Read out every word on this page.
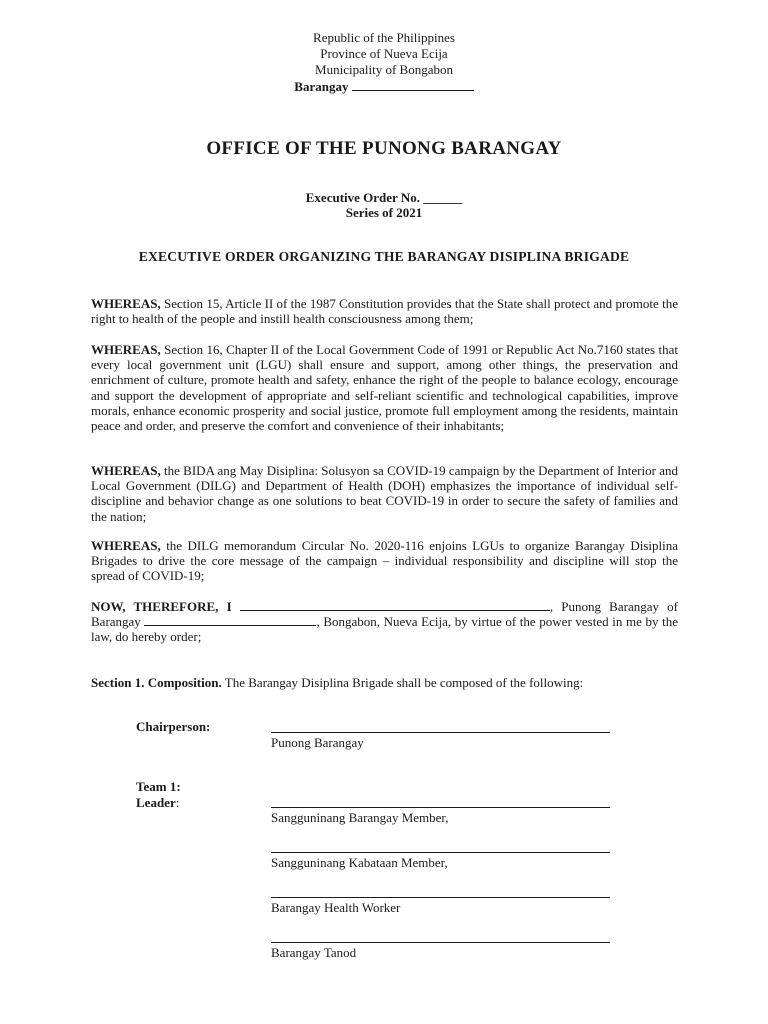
Republic of the Philippines
Province of Nueva Ecija
Municipality of Bongabon
Barangay
OFFICE OF THE PUNONG BARANGAY
Executive Order No. ______
Series of 2021
EXECUTIVE ORDER ORGANIZING THE BARANGAY DISIPLINA BRIGADE
WHEREAS, Section 15, Article II of the 1987 Constitution provides that the State shall protect and promote the right to health of the people and instill health consciousness among them;
WHEREAS, Section 16, Chapter II of the Local Government Code of 1991 or Republic Act No.7160 states that every local government unit (LGU) shall ensure and support, among other things, the preservation and enrichment of culture, promote health and safety, enhance the right of the people to balance ecology, encourage and support the development of appropriate and self-reliant scientific and technological capabilities, improve morals, enhance economic prosperity and social justice, promote full employment among the residents, maintain peace and order, and preserve the comfort and convenience of their inhabitants;
WHEREAS, the BIDA ang May Disiplina: Solusyon sa COVID-19 campaign by the Department of Interior and Local Government (DILG) and Department of Health (DOH) emphasizes the importance of individual self- discipline and behavior change as one solutions to beat COVID-19 in order to secure the safety of families and the nation;
WHEREAS, the DILG memorandum Circular No. 2020-116 enjoins LGUs to organize Barangay Disiplina Brigades to drive the core message of the campaign – individual responsibility and discipline will stop the spread of COVID-19;
NOW, THEREFORE, I	, Punong Barangay of Barangay	, Bongabon, Nueva Ecija, by virtue of the power vested in me by the law, do hereby order;
Section 1. Composition. The Barangay Disiplina Brigade shall be composed of the following:
Chairperson:
Punong Barangay
Team 1:
Leader:
Sangguninang Barangay Member,
Sangguninang Kabataan Member,
Barangay Health Worker
Barangay Tanod
